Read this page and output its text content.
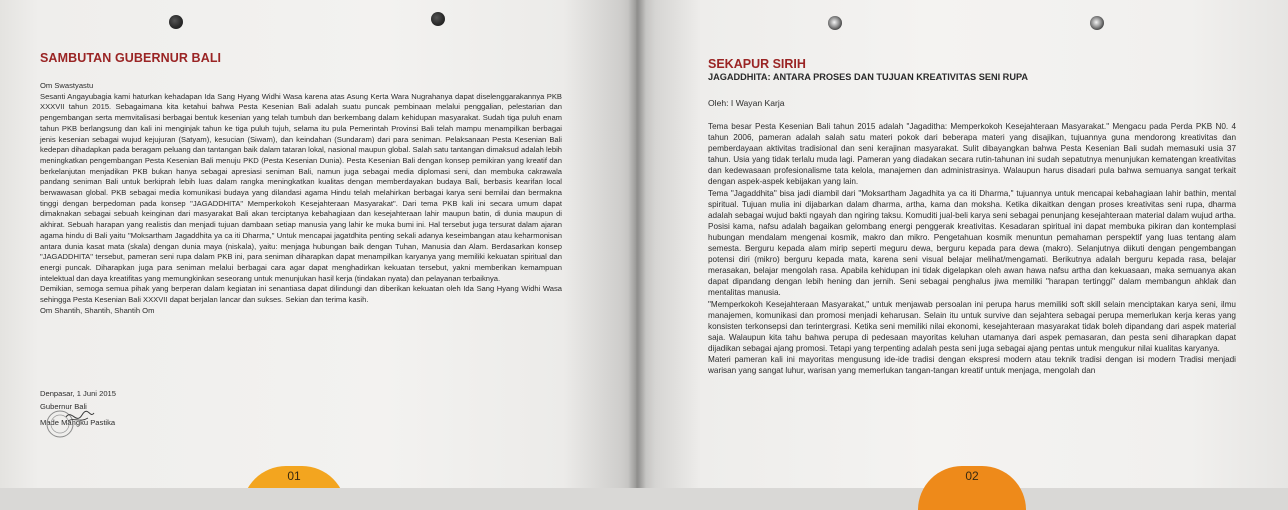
SAMBUTAN GUBERNUR BALI

Om Swastyastu

Sesanti Angayubagia kami haturkan kehadapan Ida Sang Hyang Widhi Wasa karena atas Asung Kerta Wara Nugrahanya dapat diselenggarakannya PKB XXXVII tahun 2015. Sebagaimana kita ketahui bahwa Pesta Kesenian Bali adalah suatu puncak pembinaan melalui penggalian, pelestarian dan pengembangan serta memvitalisasi berbagai bentuk kesenian yang telah tumbuh dan berkembang dalam kehidupan masyarakat. Sudah tiga puluh enam tahun PKB berlangsung dan kali ini menginjak tahun ke tiga puluh tujuh, selama itu pula Pemerintah Provinsi Bali telah mampu menampilkan berbagai jenis kesenian sebagai wujud kejujuran (Satyam), kesucian (Siwam), dan keindahan (Sundaram) dari para seniman. Pelaksanaan Pesta Kesenian Bali kedepan dihadapkan pada beragam peluang dan tantangan baik dalam tataran lokal, nasional maupun global. Salah satu tantangan dimaksud adalah lebih meningkatkan pengembangan Pesta Kesenian Bali menuju PKD (Pesta Kesenian Dunia). Pesta Kesenian Bali dengan konsep pemikiran yang kreatif dan berkelanjutan menjadikan PKB bukan hanya sebagai apresiasi seniman Bali, namun juga sebagai media diplomasi seni, dan membuka cakrawala pandang seniman Bali untuk berkiprah lebih luas dalam rangka meningkatkan kualitas dengan memberdayakan budaya Bali, berbasis kearifan local berwawasan global. PKB sebagai media komunikasi budaya yang dilandasi agama Hindu telah melahirkan berbagai karya seni bernilai dan bermakna tinggi dengan berpedoman pada konsep "JAGADDHITA" Memperkokoh Kesejahteraan Masyarakat". Dari tema PKB kali ini secara umum dapat dimaknakan sebagai sebuah keinginan dari masyarakat Bali akan terciptanya kebahagiaan dan kesejahteraan lahir maupun batin, di dunia maupun di akhirat. Sebuah harapan yang realistis dan menjadi tujuan dambaan setiap manusia yang lahir ke muka bumi ini. Hal tersebut juga tersurat dalam ajaran agama hindu di Bali yaitu "Moksartham Jagaddhita ya ca iti Dharma," Untuk mencapai jagatdhita penting sekali adanya keseimbangan atau keharmonisan antara dunia kasat mata (skala) dengan dunia maya (niskala), yaitu: menjaga hubungan baik dengan Tuhan, Manusia dan Alam. Berdasarkan konsep "JAGADDHITA" tersebut, pameran seni rupa dalam PKB ini, para seniman diharapkan dapat menampilkan karyanya yang memiliki kekuatan spiritual dan energi puncak. Diharapkan juga para seniman melalui berbagai cara agar dapat menghadirkan kekuatan tersebut, yakni memberikan kemampuan intelektual dan daya kreatifitas yang memungkinkan seseorang untuk menunjukan hasil kerja (tindakan nyata) dan pelayanan terbaiknya.

Demikian, semoga semua pihak yang berperan dalam kegiatan ini senantiasa dapat dilindungi dan diberikan kekuatan oleh Ida Sang Hyang Widhi Wasa sehingga Pesta Kesenian Bali XXXVII dapat berjalan lancar dan sukses. Sekian dan terima kasih.

Om Shantih, Shantih, Shantih Om

Denpasar, 1 Juni 2015
Gubernur Bali
Made Mangku Pastika
01
SEKAPUR SIRIH
JAGADDHITA: ANTARA PROSES DAN TUJUAN KREATIVITAS SENI RUPA

Oleh: I Wayan Karja

Tema besar Pesta Kesenian Bali tahun 2015 adalah "Jagaditha: Memperkokoh Kesejahteraan Masyarakat." Mengacu pada Perda PKB N0. 4 tahun 2006, pameran adalah salah satu materi pokok dari beberapa materi yang disajikan, tujuannya guna mendorong kreativitas dan pemberdayaan aktivitas tradisional dan seni kerajinan masyarakat. Sulit dibayangkan bahwa Pesta Kesenian Bali sudah memasuki usia 37 tahun. Usia yang tidak terlalu muda lagi. Pameran yang diadakan secara rutin-tahunan ini sudah sepatutnya menunjukan kematengan kreativitas dan kedewasaan profesionalisme tata kelola, manajemen dan administrasinya. Walaupun harus disadari pula bahwa semuanya sangat terkait dengan aspek-aspek kebijakan yang lain.

Tema "Jagaddhita" bisa jadi diambil dari "Moksartham Jagadhita ya ca iti Dharma," tujuannya untuk mencapai kebahagiaan lahir bathin, mental spiritual. Tujuan mulia ini dijabarkan dalam dharma, artha, kama dan moksha. Ketika dikaitkan dengan proses kreativitas seni rupa, dharma adalah sebagai wujud bakti ngayah dan ngiring taksu. Komuditi jual-beli karya seni sebagai penunjang kesejahteraan material dalam wujud artha. Posisi kama, nafsu adalah bagaikan gelombang energi penggerak kreativitas. Kesadaran spiritual ini dapat membuka pikiran dan kontemplasi hubungan mendalam mengenai kosmik, makro dan mikro. Pengetahuan kosmik menuntun pemahaman perspektif yang luas tentang alam semesta. Berguru kepada alam mirip seperti meguru dewa, berguru kepada para dewa (makro). Selanjutnya diikuti dengan pengembangan potensi diri (mikro) berguru kepada mata, karena seni visual belajar melihat/mengamati. Berikutnya adalah berguru kepada rasa, belajar merasakan, belajar mengolah rasa. Apabila kehidupan ini tidak digelapkan oleh awan hawa nafsu artha dan kekuasaan, maka semuanya akan dapat dipandang dengan lebih hening dan jernih. Seni sebagai penghalus jiwa memiliki "harapan tertinggi" dalam membangun ahklak dan mentalitas manusia.

"Memperkokoh Kesejahteraan Masyarakat," untuk menjawab persoalan ini perupa harus memiliki soft skill selain menciptakan karya seni, ilmu manajemen, komunikasi dan promosi menjadi keharusan. Selain itu untuk survive dan sejahtera sebagai perupa memerlukan kerja keras yang konsisten terkonsepsi dan terintergrasi. Ketika seni memiliki nilai ekonomi, kesejahteraan masyarakat tidak boleh dipandang dari aspek material saja. Walaupun kita tahu bahwa perupa di pedesaan mayoritas keluhan utamanya dari aspek pemasaran, dan pesta seni diharapkan dapat dijadikan sebagai ajang promosi. Tetapi yang terpenting adalah pesta seni juga sebagai ajang pentas untuk mengukur nilai kualitas karyanya.

Materi pameran kali ini mayoritas mengusung ide-ide tradisi dengan ekspresi modern atau teknik tradisi dengan isi modern Tradisi menjadi warisan yang sangat luhur, warisan yang memerlukan tangan-tangan kreatif untuk menjaga, mengolah dan

02
